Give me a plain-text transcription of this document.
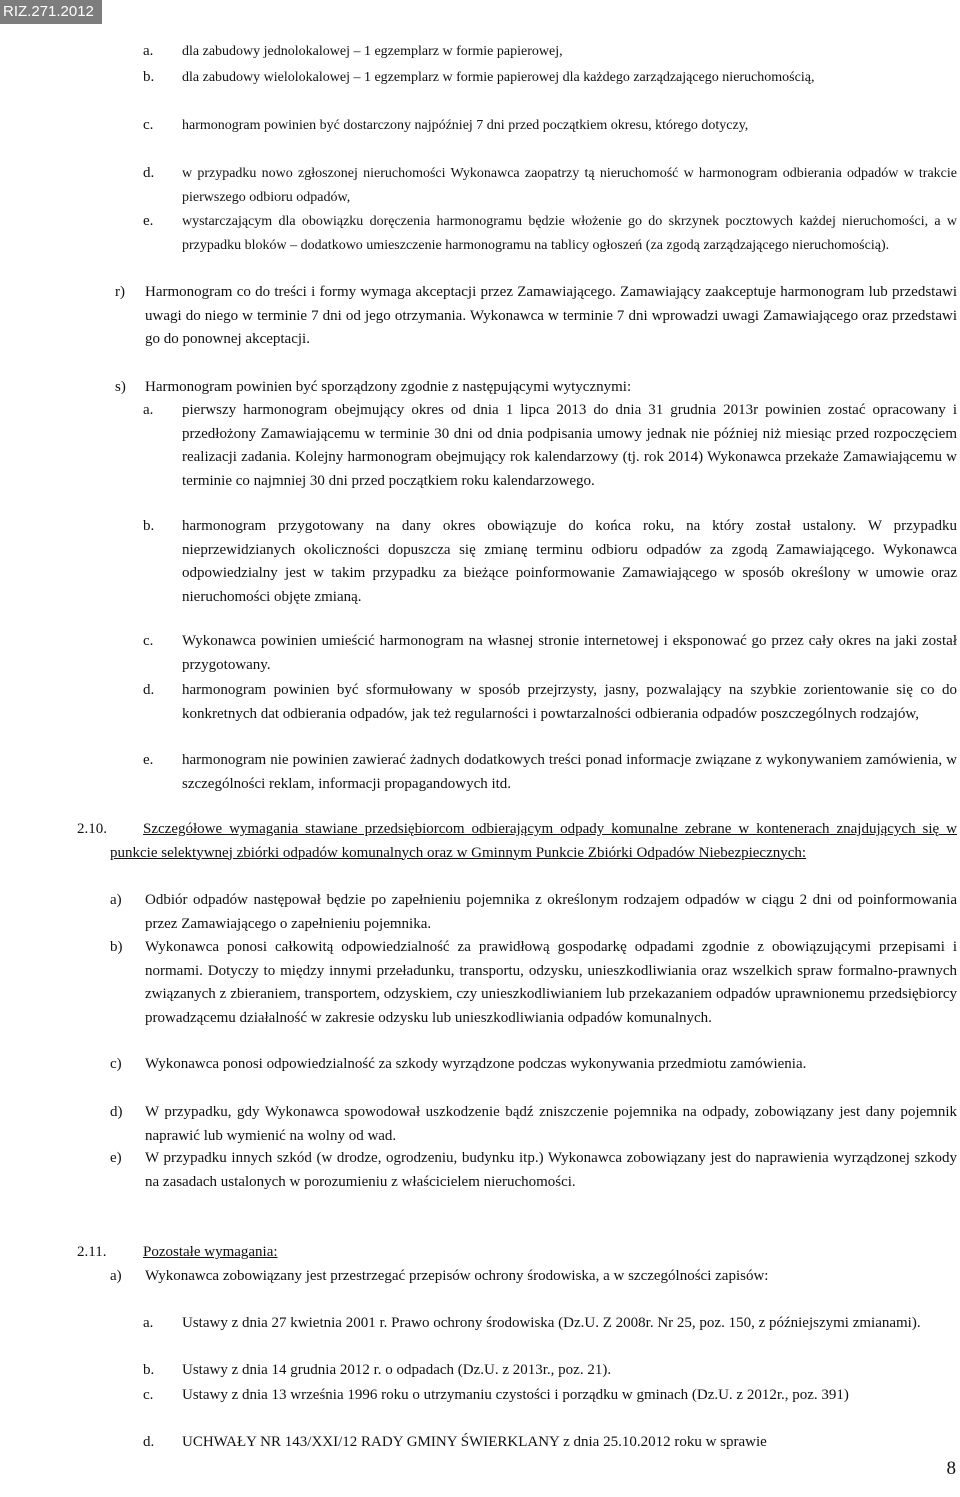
RIZ.271.2012
a. dla zabudowy jednolokalowej – 1 egzemplarz w formie papierowej,
b. dla zabudowy wielolokalowej – 1 egzemplarz w formie papierowej dla każdego zarządzającego nieruchomością,
c. harmonogram powinien być dostarczony najpóźniej 7 dni przed początkiem okresu, którego dotyczy,
d. w przypadku nowo zgłoszonej nieruchomości Wykonawca zaopatrzy tą nieruchomość w harmonogram odbierania odpadów w trakcie pierwszego odbioru odpadów,
e. wystarczającym dla obowiązku doręczenia harmonogramu będzie włożenie go do skrzynek pocztowych każdej nieruchomości, a w przypadku bloków – dodatkowo umieszczenie harmonogramu na tablicy ogłoszeń (za zgodą zarządzającego nieruchomością).
r) Harmonogram co do treści i formy wymaga akceptacji przez Zamawiającego. Zamawiający zaakceptuje harmonogram lub przedstawi uwagi do niego w terminie 7 dni od jego otrzymania. Wykonawca w terminie 7 dni wprowadzi uwagi Zamawiającego oraz przedstawi go do ponownej akceptacji.
s) Harmonogram powinien być sporządzony zgodnie z następującymi wytycznymi:
a. pierwszy harmonogram obejmujący okres od dnia 1 lipca 2013 do dnia 31 grudnia 2013r powinien zostać opracowany i przedłożony Zamawiającemu w terminie 30 dni od dnia podpisania umowy jednak nie później niż miesiąc przed rozpoczęciem realizacji zadania. Kolejny harmonogram obejmujący rok kalendarzowy (tj. rok 2014) Wykonawca przekaże Zamawiającemu w terminie co najmniej 30 dni przed początkiem roku kalendarzowego.
b. harmonogram przygotowany na dany okres obowiązuje do końca roku, na który został ustalony. W przypadku nieprzewidzianych okoliczności dopuszcza się zmianę terminu odbioru odpadów za zgodą Zamawiającego. Wykonawca odpowiedzialny jest w takim przypadku za bieżące poinformowanie Zamawiającego w sposób określony w umowie oraz nieruchomości objęte zmianą.
c. Wykonawca powinien umieścić harmonogram na własnej stronie internetowej i eksponować go przez cały okres na jaki został przygotowany.
d. harmonogram powinien być sformułowany w sposób przejrzysty, jasny, pozwalający na szybkie zorientowanie się co do konkretnych dat odbierania odpadów, jak też regularności i powtarzalności odbierania odpadów poszczególnych rodzajów,
e. harmonogram nie powinien zawierać żadnych dodatkowych treści ponad informacje związane z wykonywaniem zamówienia, w szczególności reklam, informacji propagandowych itd.
2.10.	Szczegółowe wymagania stawiane przedsiębiorcom odbierającym odpady komunalne zebrane w kontenerach znajdujących się w punkcie selektywnej zbiórki odpadów komunalnych oraz w Gminnym Punkcie Zbiórki Odpadów Niebezpiecznych:
a) Odbiór odpadów następował będzie po zapełnieniu pojemnika z określonym rodzajem odpadów w ciągu 2 dni od poinformowania przez Zamawiającego o zapełnieniu pojemnika.
b) Wykonawca ponosi całkowitą odpowiedzialność za prawidłową gospodarkę odpadami zgodnie z obowiązującymi przepisami i normami. Dotyczy to między innymi przeładunku, transportu, odzysku, unieszkodliwiania oraz wszelkich spraw formalno-prawnych związanych z zbieraniem, transportem, odzyskiem, czy unieszkodliwianiem lub przekazaniem odpadów uprawnionemu przedsiębiorcy prowadzącemu działalność w zakresie odzysku lub unieszkodliwiania odpadów komunalnych.
c) Wykonawca ponosi odpowiedzialność za szkody wyrządzone podczas wykonywania przedmiotu zamówienia.
d) W przypadku, gdy Wykonawca spowodował uszkodzenie bądź zniszczenie pojemnika na odpady, zobowiązany jest dany pojemnik naprawić lub wymienić na wolny od wad.
e) W przypadku innych szkód (w drodze, ogrodzeniu, budynku itp.) Wykonawca zobowiązany jest do naprawienia wyrządzonej szkody na zasadach ustalonych w porozumieniu z właścicielem nieruchomości.
2.11. Pozostałe wymagania:
a) Wykonawca zobowiązany jest przestrzegać przepisów ochrony środowiska, a w szczególności zapisów:
a. Ustawy z dnia 27 kwietnia 2001 r. Prawo ochrony środowiska (Dz.U. Z 2008r. Nr 25, poz. 150, z późniejszymi zmianami).
b. Ustawy z dnia 14 grudnia 2012 r. o odpadach (Dz.U. z 2013r., poz. 21).
c. Ustawy z dnia 13 września 1996 roku o utrzymaniu czystości i porządku w gminach (Dz.U. z 2012r., poz. 391)
d. UCHWAŁY NR 143/XXI/12 RADY GMINY ŚWIERKLANY z dnia 25.10.2012 roku w sprawie
8
